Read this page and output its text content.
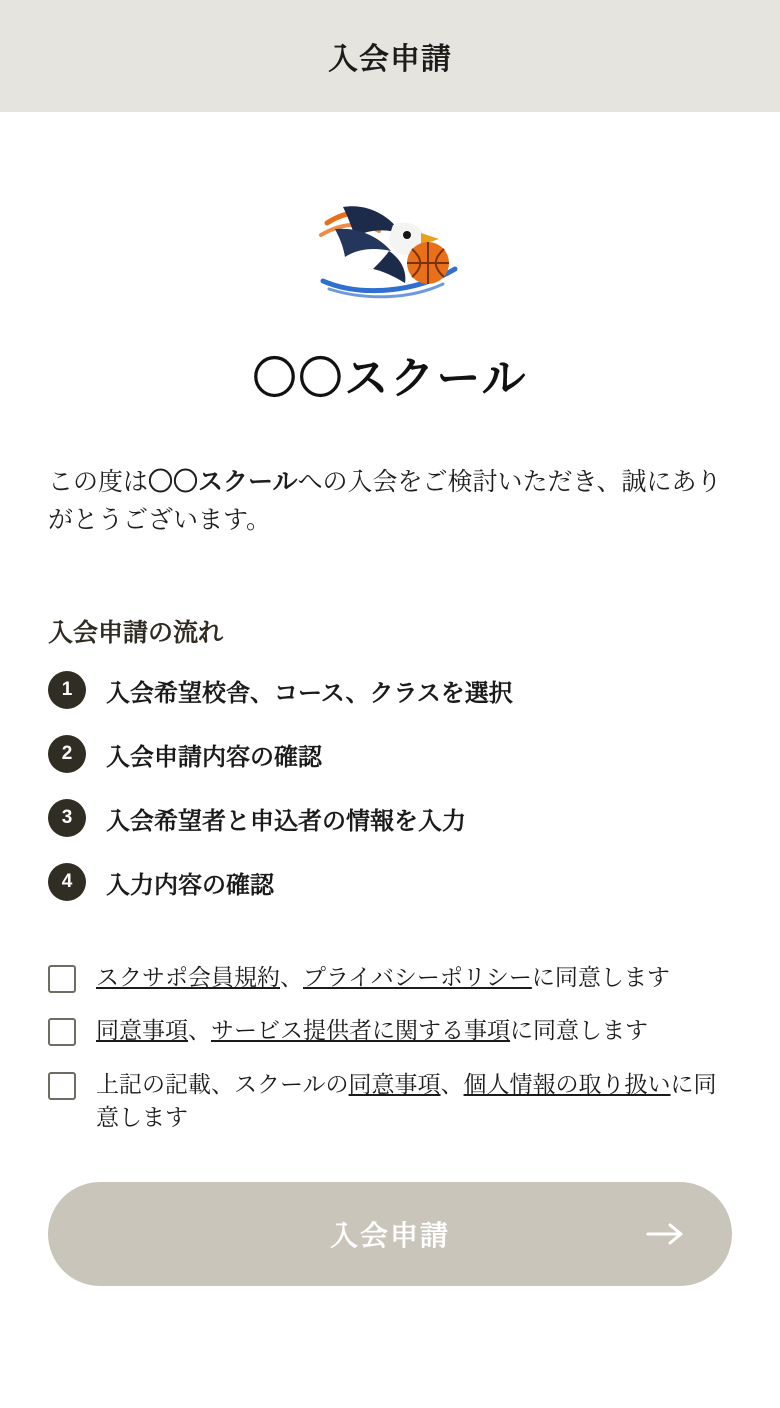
入会申請
〇〇スクール
この度は〇〇スクールへの入会をご検討いただき、誠にありがとうございます。
入会申請の流れ
1	入会希望校舎、コース、クラスを選択
2	入会申請内容の確認
3	入会希望者と申込者の情報を入力
4	入力内容の確認
スクサポ会員規約、プライバシーポリシーに同意します
同意事項、サービス提供者に関する事項に同意します
上記の記載、スクールの同意事項、個人情報の取り扱いに同意します
入会申請
